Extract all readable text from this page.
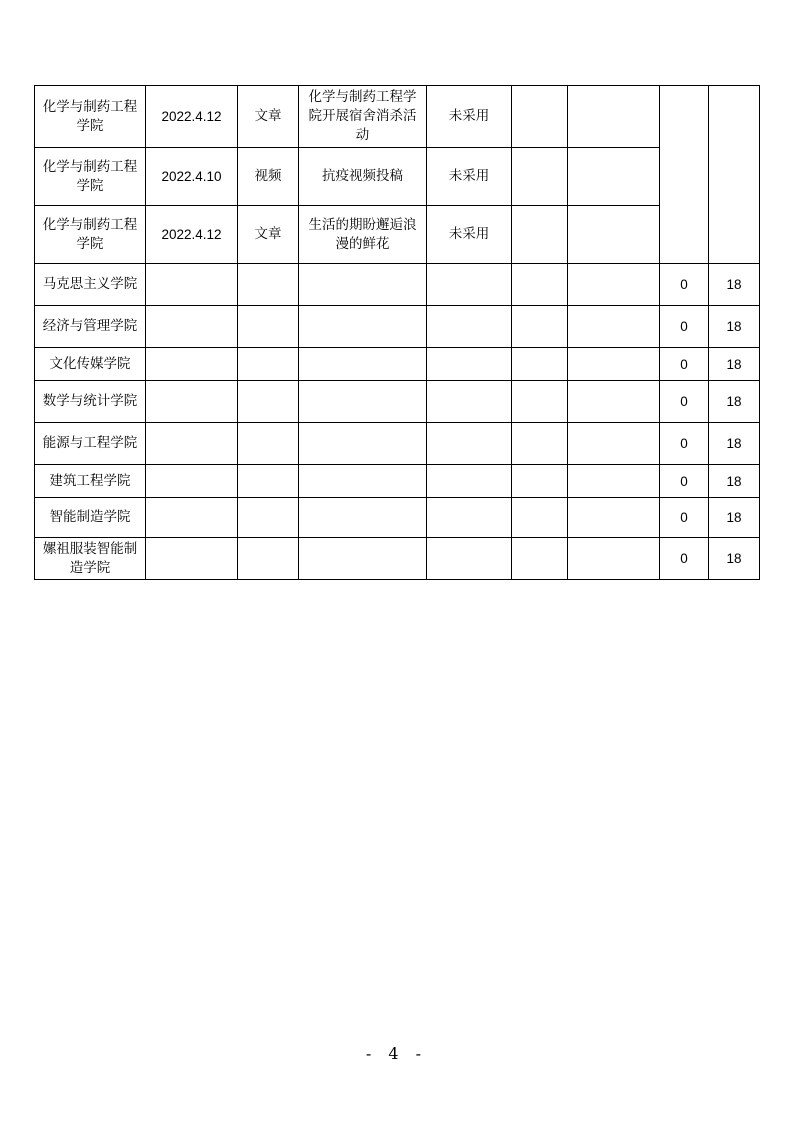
化学与制药工程学院	2022.4.12	文章	化学与制药工程学院开展宿舍消杀活动	未采用				
化学与制药工程学院	2022.4.10	视频	抗疫视频投稿	未采用				
化学与制药工程学院	2022.4.12	文章	生活的期盼邂逅浪漫的鲜花	未采用				
马克思主义学院							0	18
经济与管理学院							0	18
文化传媒学院							0	18
数学与统计学院							0	18
能源与工程学院							0	18
建筑工程学院							0	18
智能制造学院							0	18
嫘祖服装智能制造学院							0	18
- 4 -
